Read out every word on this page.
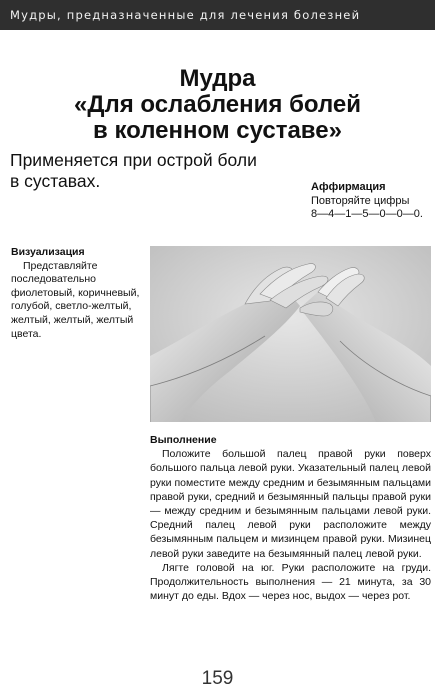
Мудры, предназначенные для лечения болезней
Мудра
«Для ослабления болей
в коленном суставе»
Применяется при острой боли
в суставах.	Аффирмация
Повторяйте цифры
8—4—1—5—0—0—0.
Визуализация
Представляйте последовательно фиолетовый, коричневый, голубой, светло-желтый, желтый, желтый, желтый цвета.
Выполнение
Положите большой палец правой руки поверх большого пальца левой руки. Указательный палец левой руки поместите между средним и безымянным пальцами правой руки, средний и безымянный пальцы правой руки — между средним и безымянным пальцами левой руки. Средний палец левой руки расположите между безымянным пальцем и мизинцем правой руки. Мизинец левой руки заведите на безымянный палец левой руки.
Лягте головой на юг. Руки расположите на груди. Продолжительность выполнения — 21 минута, за 30 минут до еды. Вдох — через нос, выдох — через рот.
159
